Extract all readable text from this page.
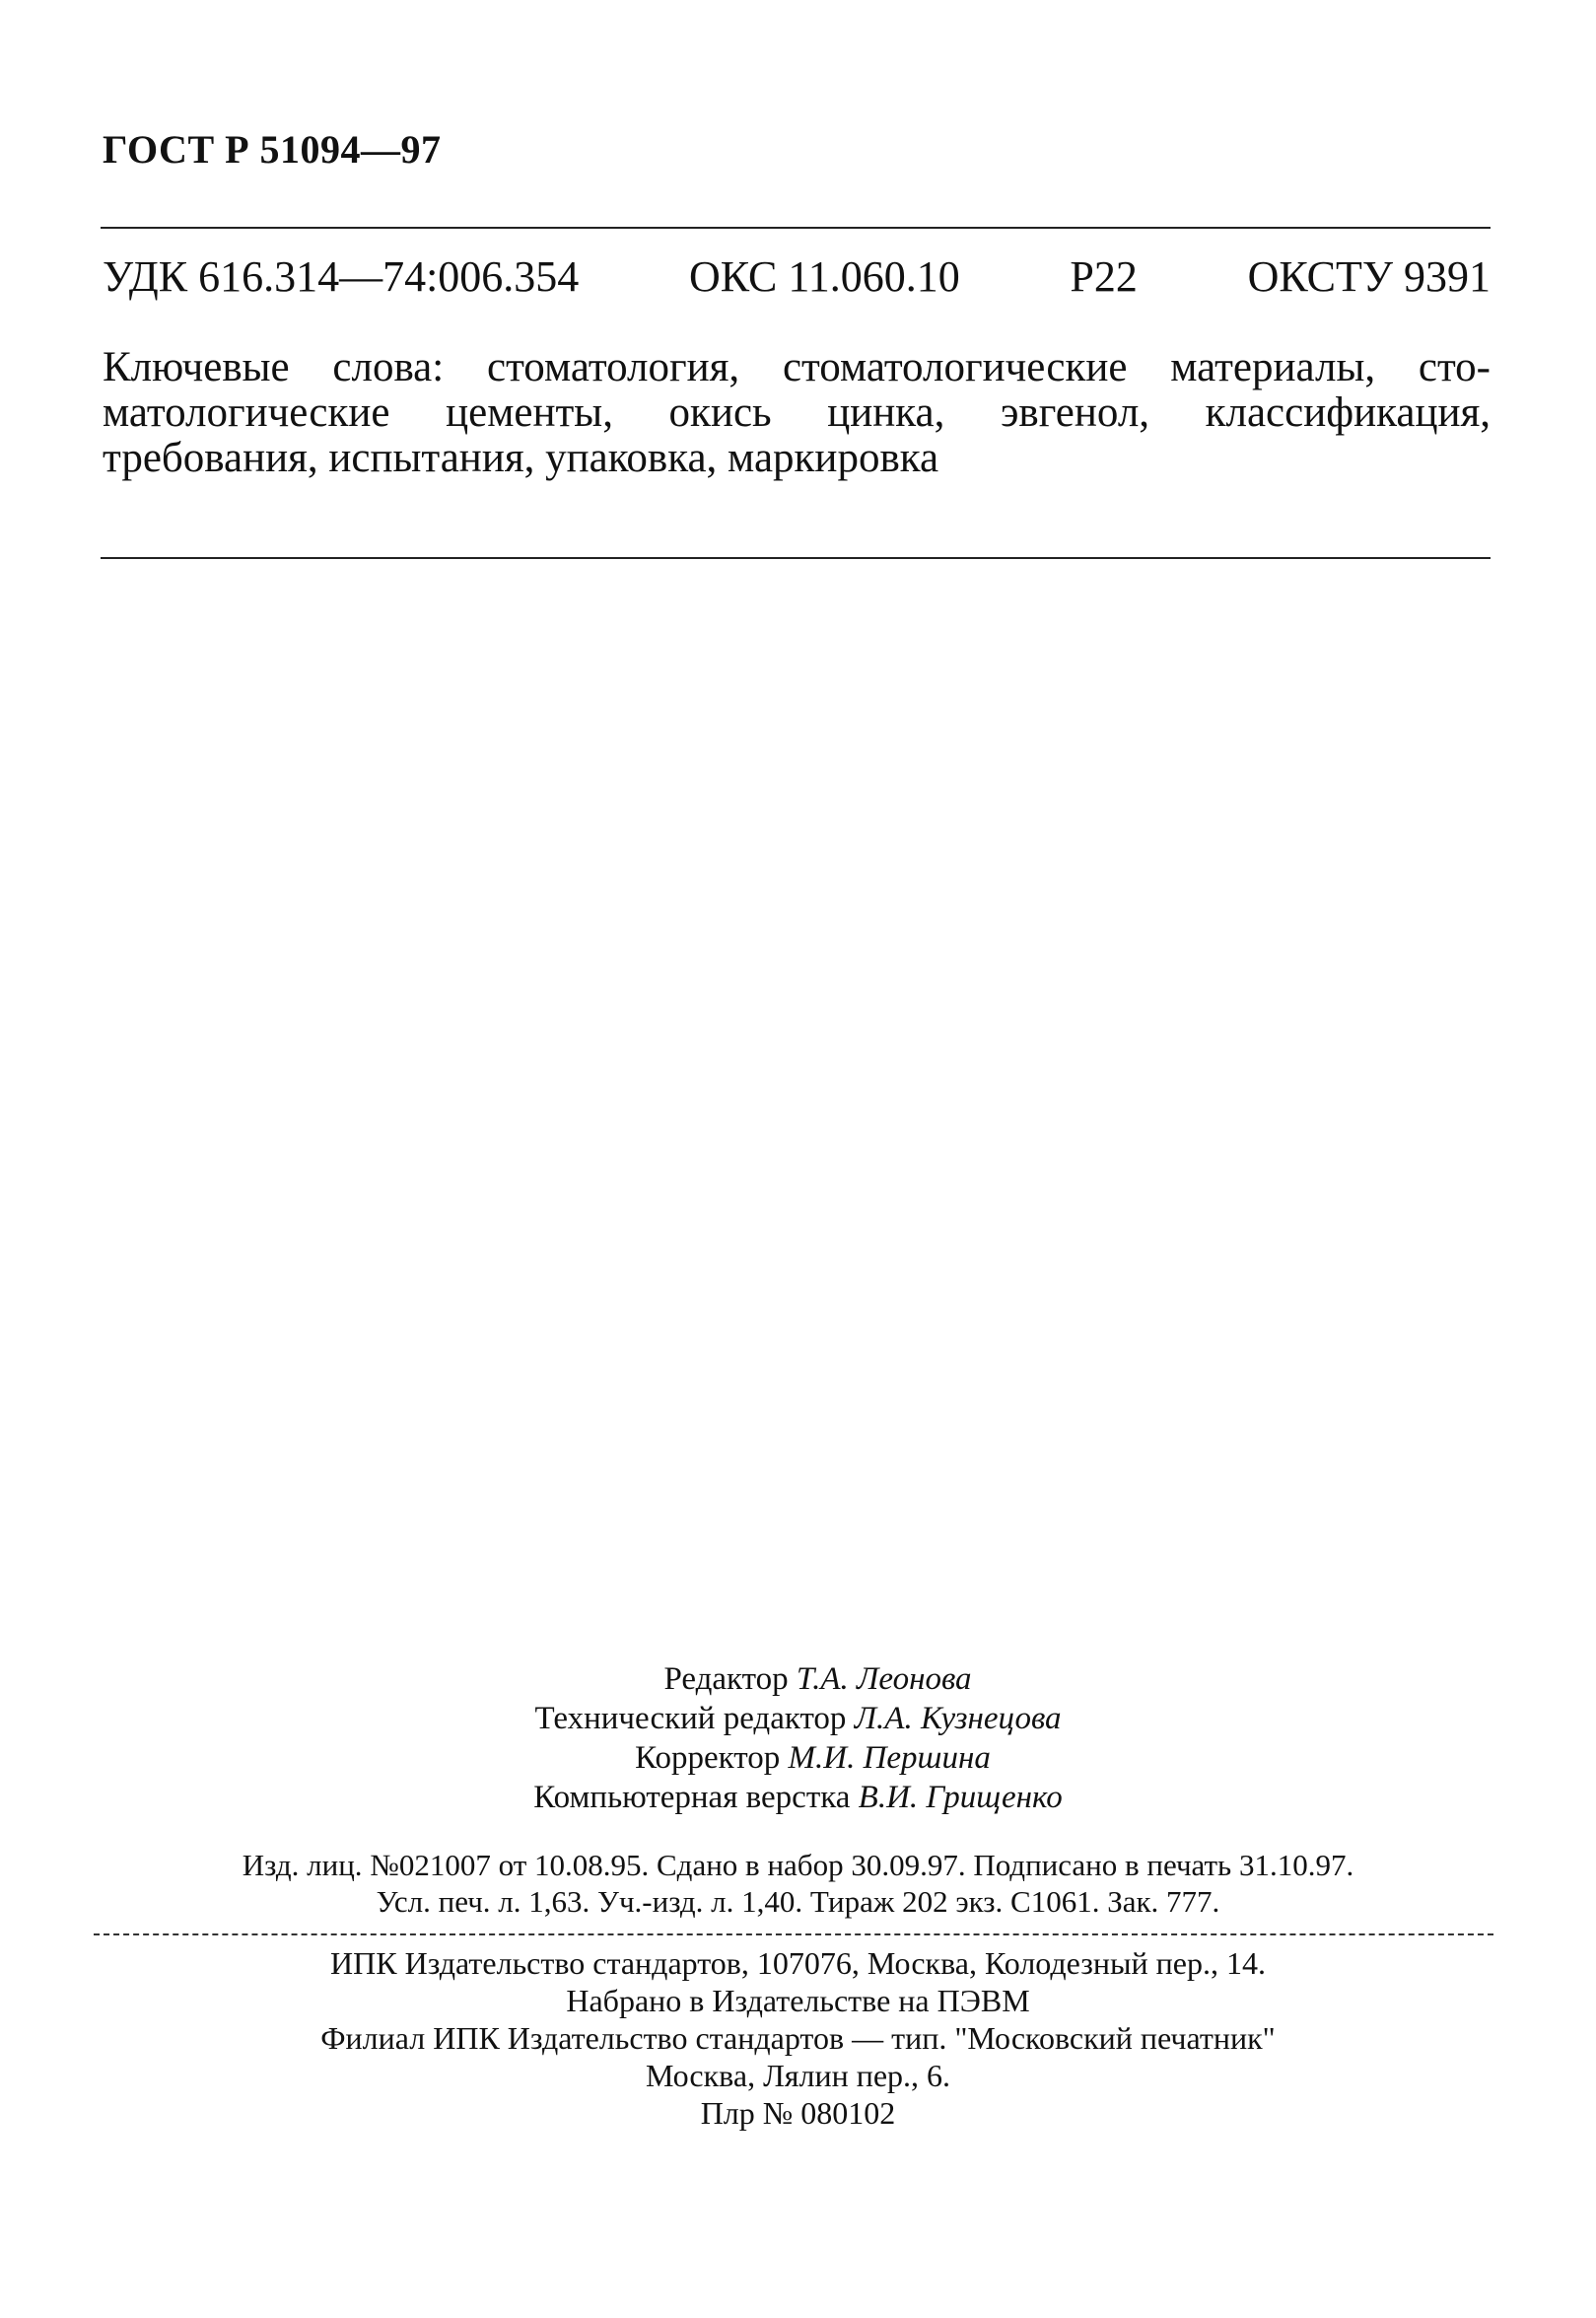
ГОСТ Р 51094—97
УДК 616.314—74:006.354	ОКС 11.060.10	Р22	ОКСТУ 9391
Ключевые слова: стоматология, стоматологические материалы, сто-
матологические цементы, окись цинка, эвгенол, классификация,
требования, испытания, упаковка, маркировка
Редактор Т.А. Леонова
Технический редактор Л.А. Кузнецова
Корректор М.И. Першина
Компьютерная верстка В.И. Грищенко
Изд. лиц. №021007 от 10.08.95. Сдано в набор 30.09.97. Подписано в печать 31.10.97.
Усл. печ. л. 1,63. Уч.-изд. л. 1,40. Тираж 202 экз. С1061. Зак. 777.
ИПК Издательство стандартов, 107076, Москва, Колодезный пер., 14.
Набрано в Издательстве на ПЭВМ
Филиал ИПК Издательство стандартов — тип. "Московский печатник"
Москва, Лялин пер., 6.
Плр № 080102
